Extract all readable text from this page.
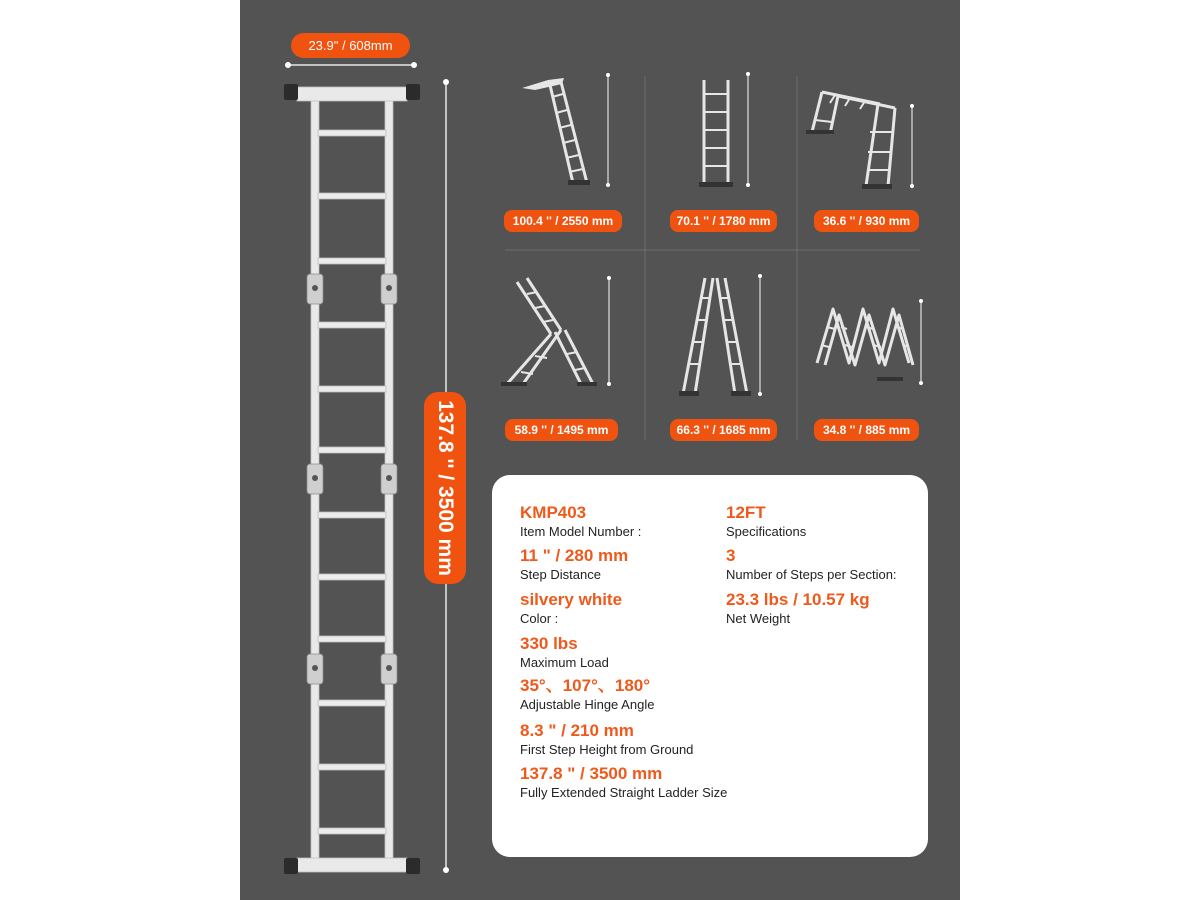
23.9" / 608mm
137.8 '' / 3500 mm
100.4 '' / 2550 mm	70.1 '' / 1780 mm	36.6 '' / 930 mm
58.9 '' / 1495 mm	66.3 '' / 1685 mm	34.8 '' / 885 mm
KMP403
Item Model Number :
11 " / 280 mm
Step Distance
silvery white
Color :
330 lbs
Maximum Load
35°、107°、180°
Adjustable Hinge Angle
8.3 " / 210 mm
First Step Height from Ground
137.8 " / 3500 mm
Fully Extended Straight Ladder Size
12FT
Specifications
3
Number of Steps per Section:
23.3 lbs / 10.57 kg
Net Weight
